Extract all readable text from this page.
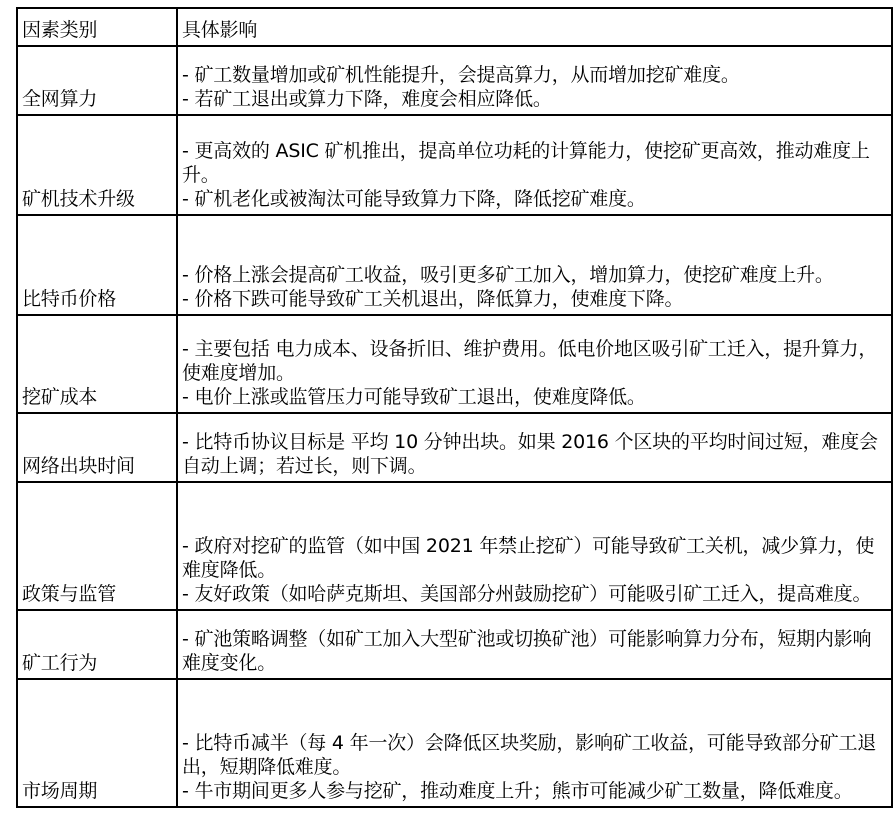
因素类别	具体影响
全网算力	- 矿工数量增加或矿机性能提升，会提高算力，从而增加挖矿难度。
- 若矿工退出或算力下降，难度会相应降低。

矿机技术升级	- 更高效的 ASIC 矿机推出，提高单位功耗的计算能力，使挖矿更高效，推动难度上升。
- 矿机老化或被淘汰可能导致算力下降，降低挖矿难度。

比特币价格	- 价格上涨会提高矿工收益，吸引更多矿工加入，增加算力，使挖矿难度上升。
- 价格下跌可能导致矿工关机退出，降低算力，使难度下降。

挖矿成本	- 主要包括 电力成本、设备折旧、维护费用。低电价地区吸引矿工迁入，提升算力，使难度增加。
- 电价上涨或监管压力可能导致矿工退出，使难度降低。

网络出块时间	- 比特币协议目标是 平均 10 分钟出块。如果 2016 个区块的平均时间过短，难度会自动上调；若过长，则下调。

政策与监管	- 政府对挖矿的监管（如中国 2021 年禁止挖矿）可能导致矿工关机，减少算力，使难度降低。
- 友好政策（如哈萨克斯坦、美国部分州鼓励挖矿）可能吸引矿工迁入，提高难度。

矿工行为	- 矿池策略调整（如矿工加入大型矿池或切换矿池）可能影响算力分布，短期内影响难度变化。

市场周期	- 比特币减半（每 4 年一次）会降低区块奖励，影响矿工收益，可能导致部分矿工退出，短期降低难度。
- 牛市期间更多人参与挖矿，推动难度上升；熊市可能减少矿工数量，降低难度。
